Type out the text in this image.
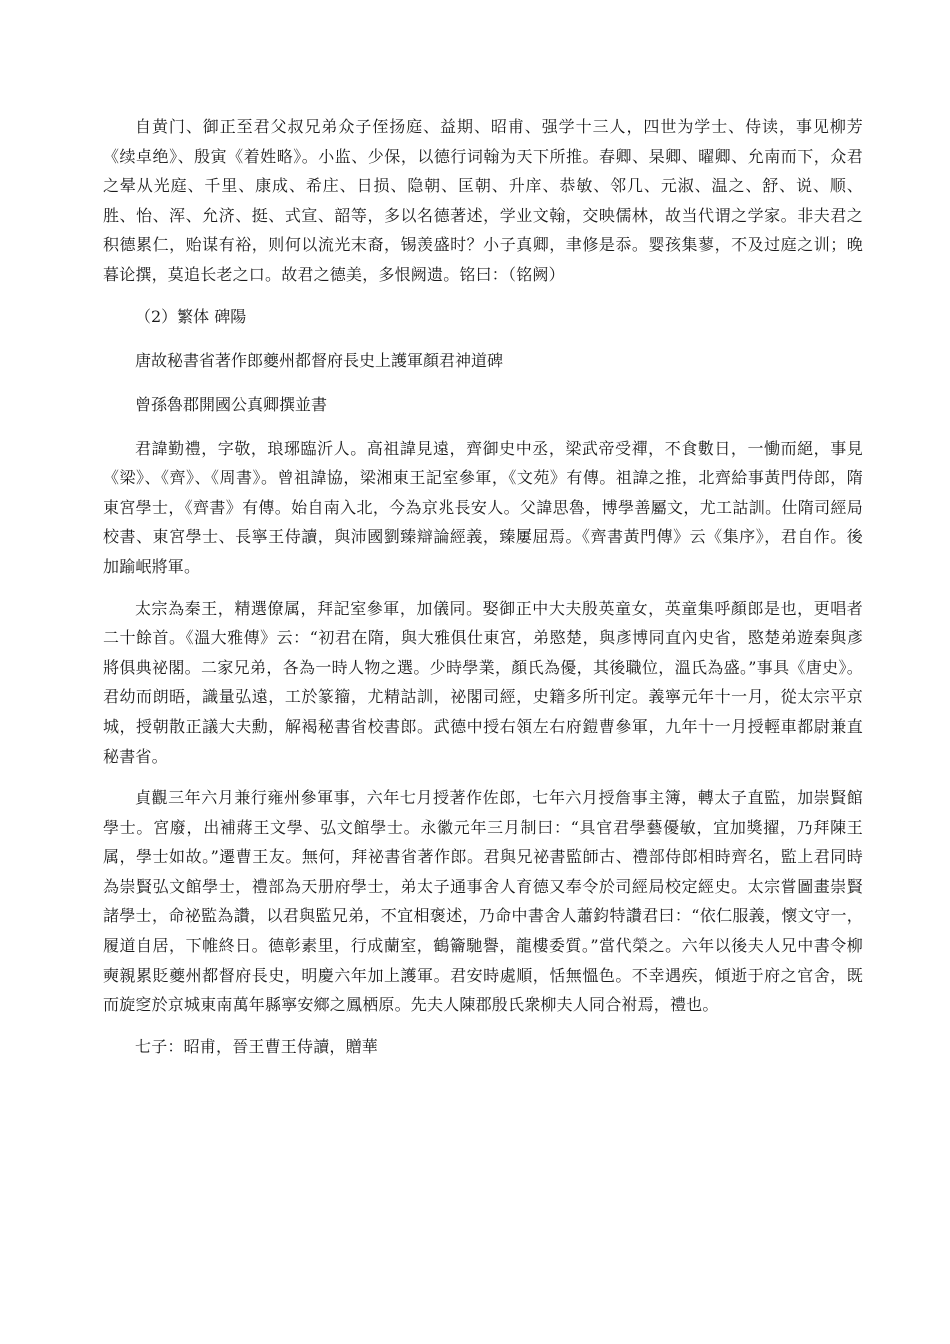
自黄门、御正至君父叔兄弟众子侄扬庭、益期、昭甫、强学十三人，四世为学士、侍读，事见柳芳《续卓绝》、殷寅《着姓略》。小监、少保，以德行词翰为天下所推。春卿、杲卿、曜卿、允南而下，众君之晕从光庭、千里、康成、希庄、日损、隐朝、匡朝、升庠、恭敏、邻几、元淑、温之、舒、说、顺、胜、怡、浑、允济、挺、式宣、韶等，多以名德著述，学业文翰，交映儒林，故当代谓之学家。非夫君之积德累仁，贻谋有裕，则何以流光末裔，锡羡盛时？小子真卿，聿修是忝。婴孩集蓼，不及过庭之训；晚暮论撰，莫追长老之口。故君之德美，多恨阙遗。铭曰：（铭阙）

（2）繁体 碑陽

唐故秘書省著作郎夔州都督府長史上護軍顏君神道碑

曾孫魯郡開國公真卿撰並書

君諱勤禮，字敬，琅琊臨沂人。高祖諱見遠，齊御史中丞，梁武帝受禪，不食數日，一慟而絕，事見《梁》、《齊》、《周書》。曾祖諱協，梁湘東王記室參軍，《文苑》有傳。祖諱之推，北齊給事黃門侍郎，隋東宮學士，《齊書》有傳。始自南入北，今為京兆長安人。父諱思魯，博學善屬文，尤工詁訓。仕隋司經局校書、東宮學士、長寧王侍讀，與沛國劉臻辯論經義，臻屢屈焉。《齊書黃門傳》云《集序》，君自作。後加踰岷將軍。

太宗為秦王，精選僚属，拜記室參軍，加儀同。娶御正中大夫殷英童女，英童集呼顏郎是也，更唱者二十餘首。《溫大雅傳》云：“初君在隋，與大雅俱仕東宮，弟愍楚，與彥博同直內史省，愍楚弟遊秦與彥將俱典祕閣。二家兄弟，各為一時人物之選。少時學業，顏氏為優，其後職位，溫氏為盛。”事具《唐史》。君幼而朗晤，識量弘遠，工於篆籀，尤精詁訓，祕閣司經，史籍多所刊定。義寧元年十一月，從太宗平京城，授朝散正議大夫勳，解褐秘書省校書郎。武德中授右領左右府鎧曹參軍，九年十一月授輕車都尉兼直秘書省。

貞觀三年六月兼行雍州參軍事，六年七月授著作佐郎，七年六月授詹事主簿，轉太子直監，加崇賢館學士。宮廢，出補蔣王文學、弘文館學士。永徽元年三月制曰：“具官君學藝優敏，宜加獎擢，乃拜陳王属，學士如故。”遷曹王友。無何，拜祕書省著作郎。君與兄祕書監師古、禮部侍郎相時齊名，監上君同時為崇賢弘文館學士，禮部為天册府學士，弟太子通事舍人育德又奉令於司經局校定經史。太宗嘗圖畫崇賢諸學士，命祕監為讚，以君與監兄弟，不宜相褒述，乃命中書舍人蕭鈞特讚君曰：“依仁服義，懷文守一，履道自居，下帷終日。德彰素里，行成蘭室，鶴籥馳譽，龍樓委質。”當代榮之。六年以後夫人兄中書令柳奭親累貶夔州都督府長史，明慶六年加上護軍。君安時處順，恬無慍色。不幸遇疾，傾逝于府之官舍，既而旋窆於京城東南萬年縣寧安鄉之鳳栖原。先夫人陳郡殷氏衆柳夫人同合祔焉，禮也。

七子：昭甫，晉王曹王侍讀，贈華
